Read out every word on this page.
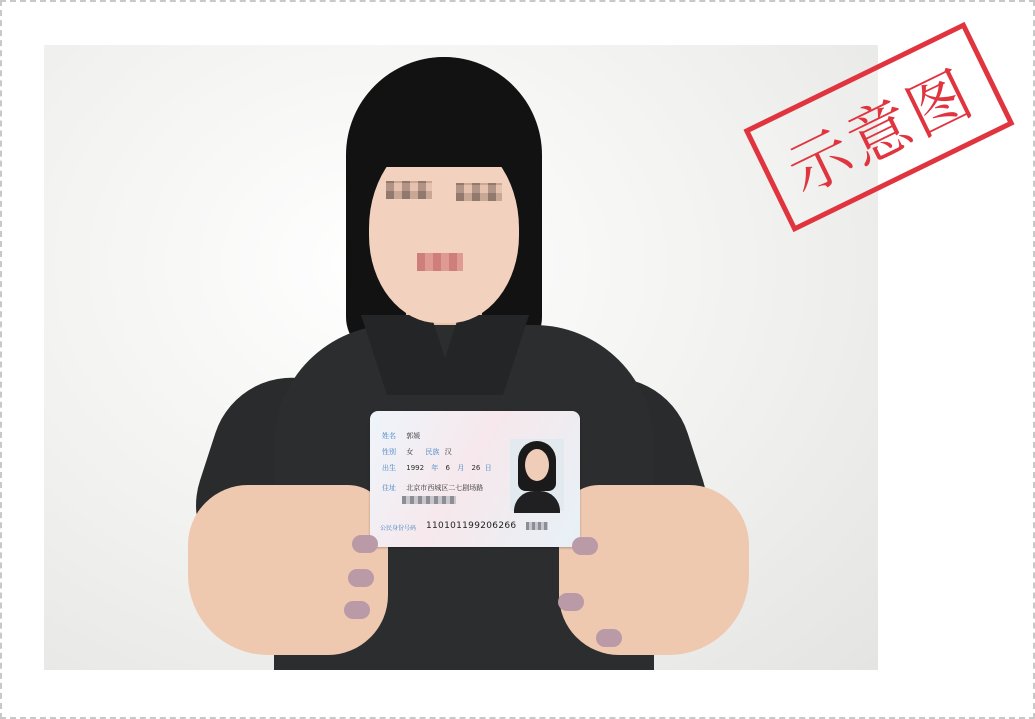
姓名 郭媛
性别 女 民族 汉
出生 1992 年 6 月 26 日
住址 北京市西城区二七剧场路
公民身份号码 110101199206266
示意图
